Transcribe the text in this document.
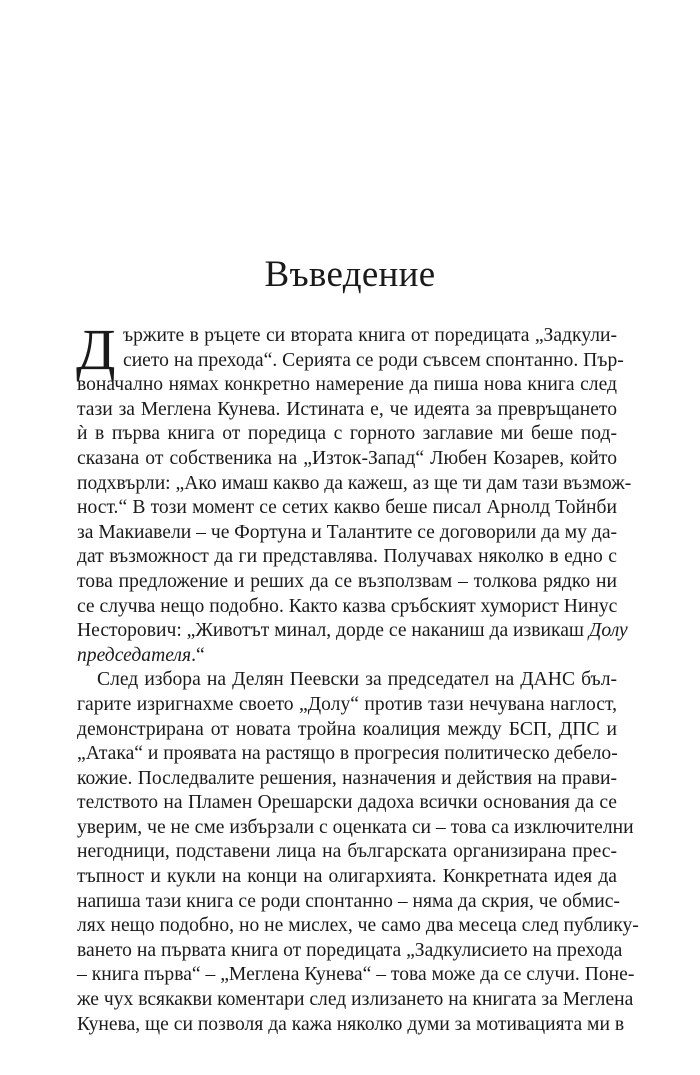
Въведение
Д ържите в ръцете си втората книга от поредицата „Задкули-
сието на прехода“. Серията се роди съвсем спонтанно. Пър-
воначално нямах конкретно намерение да пиша нова книга след
тази за Меглена Кунева. Истината е, че идеята за превръщането
ѝ в първа книга от поредица с горното заглавие ми беше под-
сказана от собственика на „Изток-Запад“ Любен Козарев, който
подхвърли: „Ако имаш какво да кажеш, аз ще ти дам тази възмож-
ност.“ В този момент се сетих какво беше писал Арнолд Тойнби
за Макиавели – че Фортуна и Талантите се договорили да му да-
дат възможност да ги представлява. Получавах няколко в едно с
това предложение и реших да се възползвам – толкова рядко ни
се случва нещо подобно. Както казва сръбският хуморист Нинус
Несторович: „Животът минал, дорде се наканиш да извикаш Долу
председателя.“
След избора на Делян Пеевски за председател на ДАНС бъл-
гарите изригнахме своето „Долу“ против тази нечувана наглост,
демонстрирана от новата тройна коалиция между БСП, ДПС и
„Атака“ и проявата на растящо в прогресия политическо дебело-
кожие. Последвалите решения, назначения и действия на прави-
телството на Пламен Орешарски дадоха всички основания да се
уверим, че не сме избързали с оценката си – това са изключителни
негодници, подставени лица на българската организирана прес-
тъпност и кукли на конци на олигархията. Конкретната идея да
напиша тази книга се роди спонтанно – няма да скрия, че обмис-
лях нещо подобно, но не мислех, че само два месеца след публику-
ването на първата книга от поредицата „Задкулисието на прехода
– книга първа“ – „Меглена Кунева“ – това може да се случи. Поне-
же чух всякакви коментари след излизането на книгата за Меглена
Кунева, ще си позволя да кажа няколко думи за мотивацията ми в
